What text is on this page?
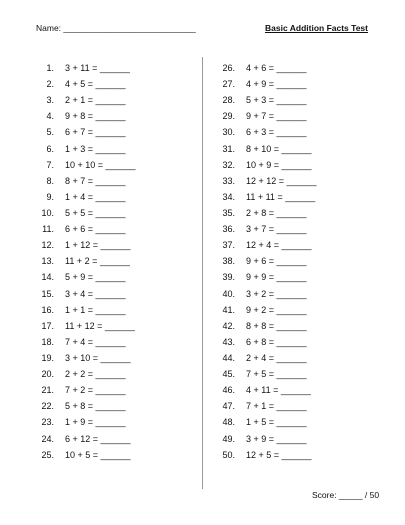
Name: ____________________________	Basic Addition Facts Test
1. 3 + 11 = ______
2. 4 + 5 = ______
3. 2 + 1 = ______
4. 9 + 8 = ______
5. 6 + 7 = ______
6. 1 + 3 = ______
7. 10 + 10 = ______
8. 8 + 7 = ______
9. 1 + 4 = ______
10. 5 + 5 = ______
11. 6 + 6 = ______
12. 1 + 12 = ______
13. 11 + 2 = ______
14. 5 + 9 = ______
15. 3 + 4 = ______
16. 1 + 1 = ______
17. 11 + 12 = ______
18. 7 + 4 = ______
19. 3 + 10 = ______
20. 2 + 2 = ______
21. 7 + 2 = ______
22. 5 + 8 = ______
23. 1 + 9 = ______
24. 6 + 12 = ______
25. 10 + 5 = ______
26. 4 + 6 = ______
27. 4 + 9 = ______
28. 5 + 3 = ______
29. 9 + 7 = ______
30. 6 + 3 = ______
31. 8 + 10 = ______
32. 10 + 9 = ______
33. 12 + 12 = ______
34. 11 + 11 = ______
35. 2 + 8 = ______
36. 3 + 7 = ______
37. 12 + 4 = ______
38. 9 + 6 = ______
39. 9 + 9 = ______
40. 3 + 2 = ______
41. 9 + 2 = ______
42. 8 + 8 = ______
43. 6 + 8 = ______
44. 2 + 4 = ______
45. 7 + 5 = ______
46. 4 + 11 = ______
47. 7 + 1 = ______
48. 1 + 5 = ______
49. 3 + 9 = ______
50. 12 + 5 = ______
Score: _____ / 50
